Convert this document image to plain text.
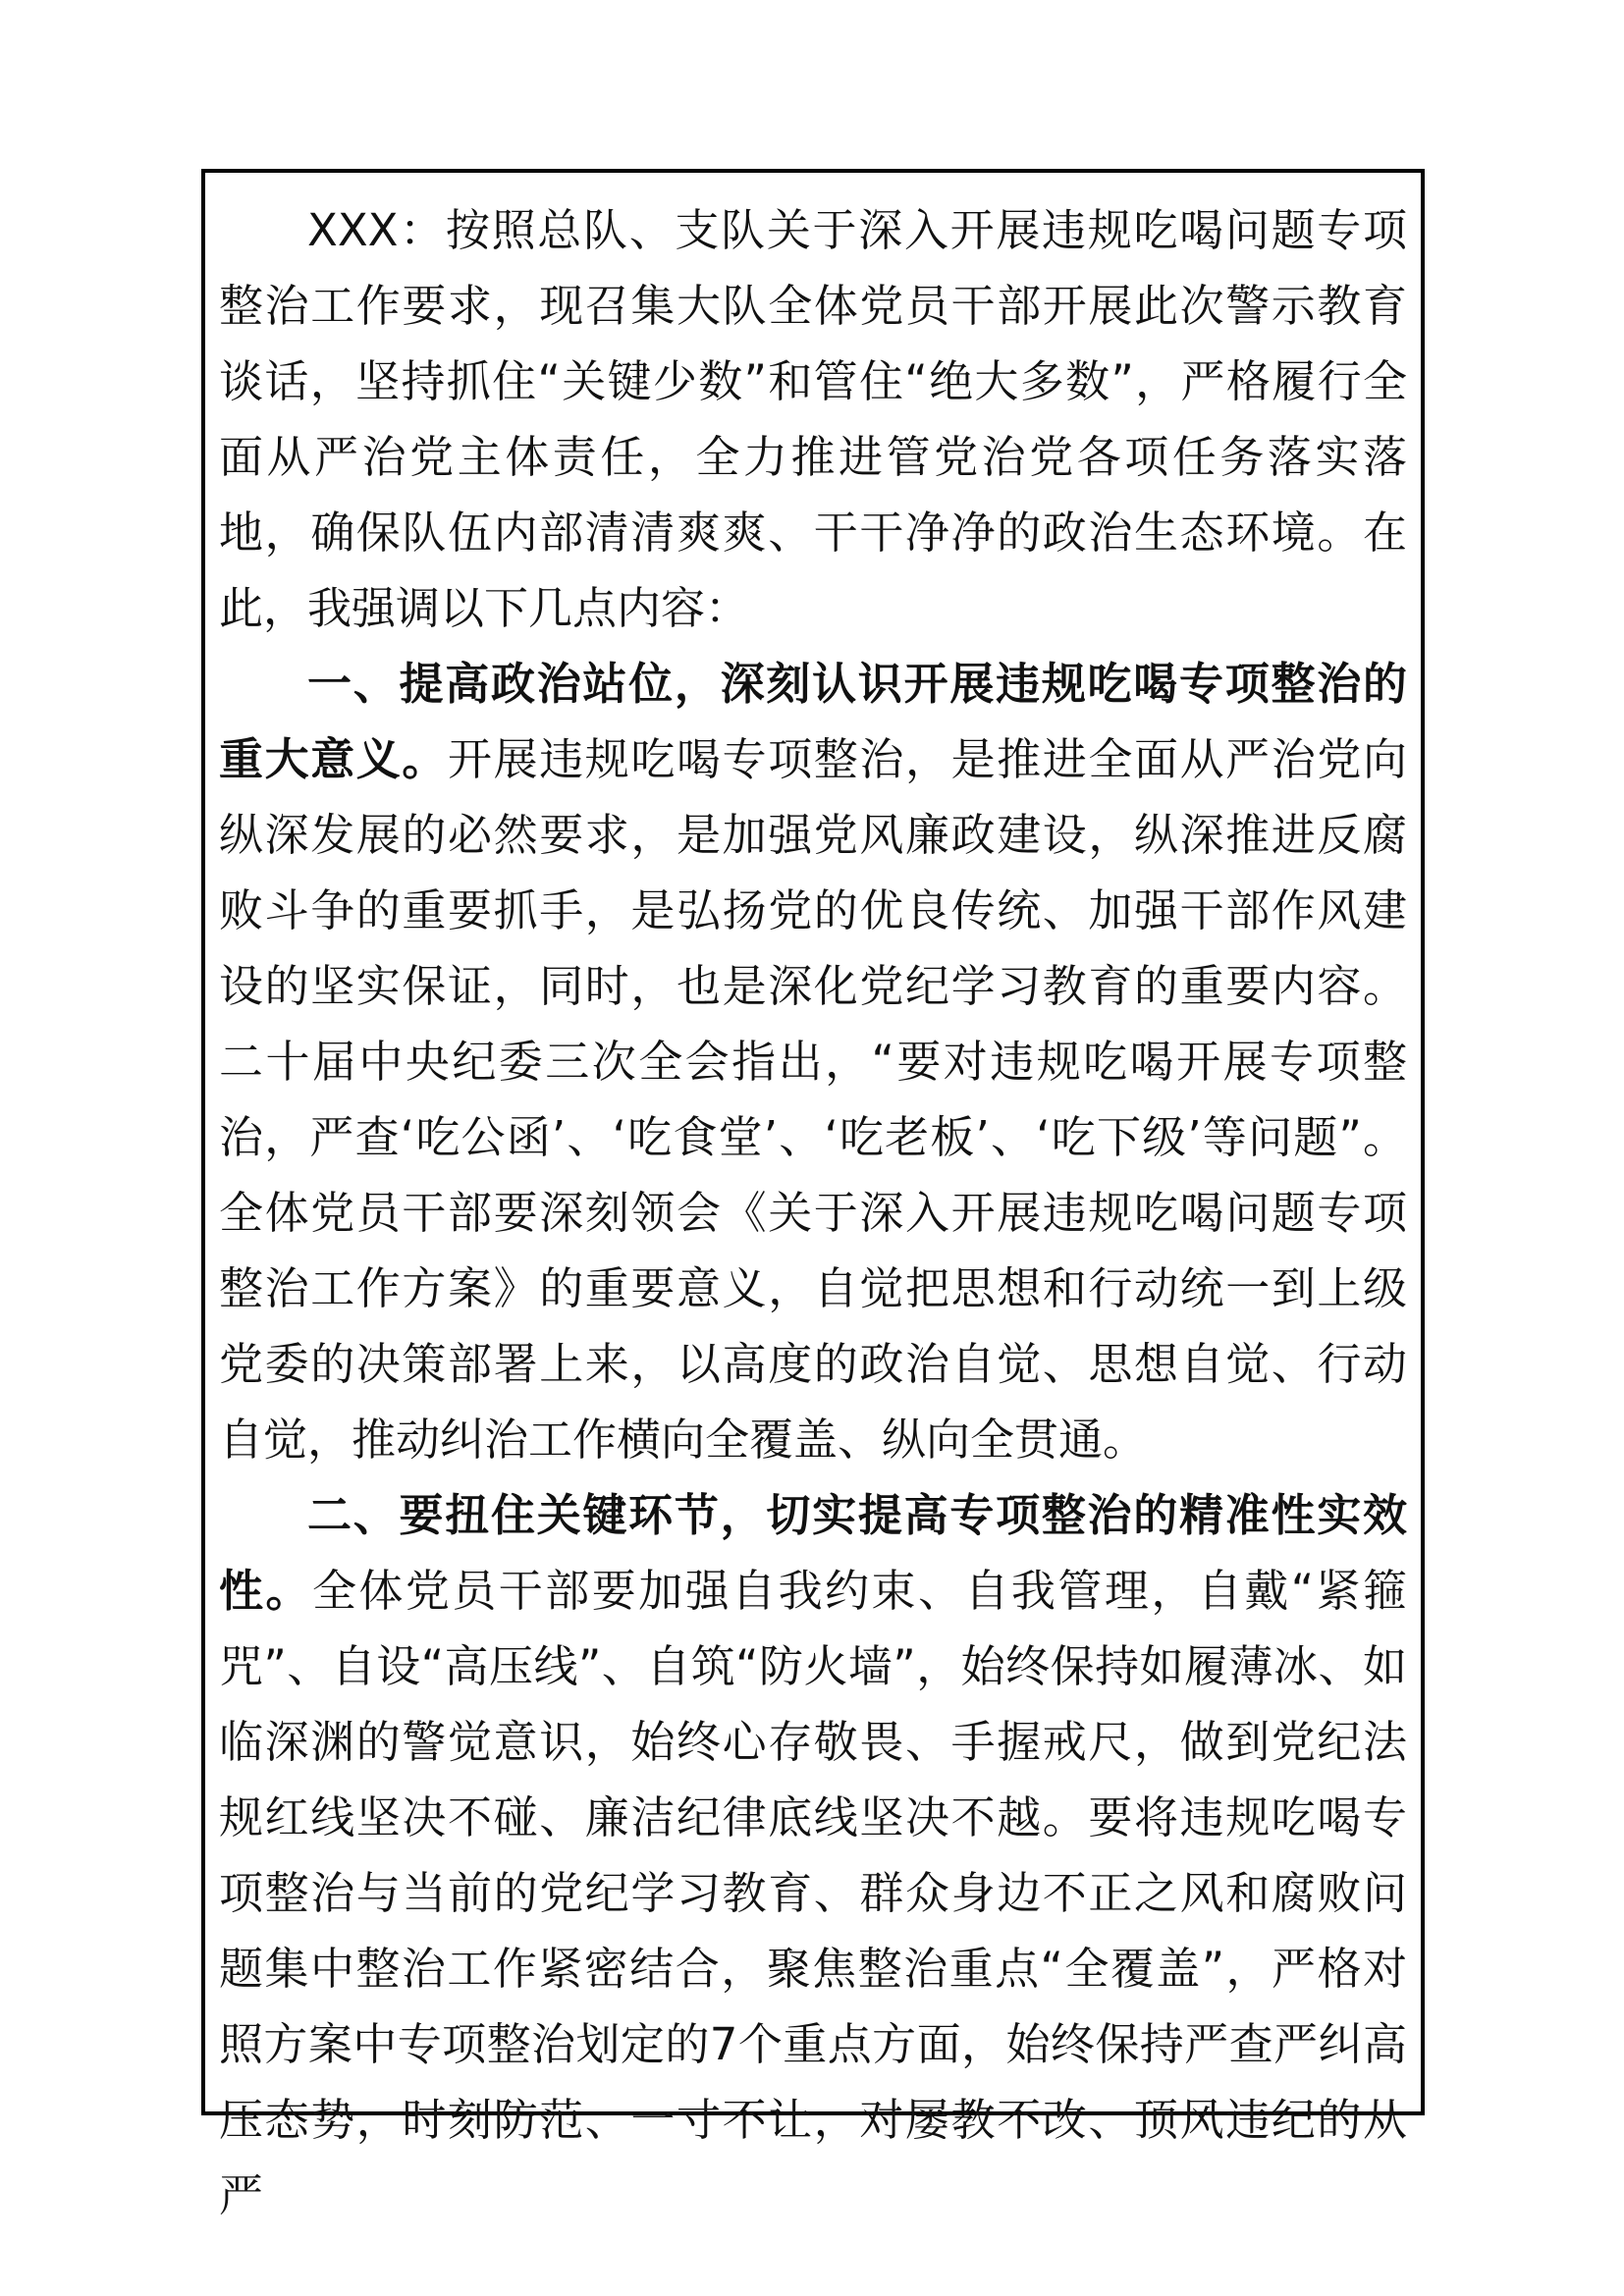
XXX：按照总队、支队关于深入开展违规吃喝问题专项整治工作要求，现召集大队全体党员干部开展此次警示教育谈话，坚持抓住“关键少数”和管住“绝大多数”，严格履行全面从严治党主体责任，全力推进管党治党各项任务落实落地，确保队伍内部清清爽爽、干干净净的政治生态环境。在此，我强调以下几点内容：

一、提高政治站位，深刻认识开展违规吃喝专项整治的重大意义。开展违规吃喝专项整治，是推进全面从严治党向纵深发展的必然要求，是加强党风廉政建设，纵深推进反腐败斗争的重要抓手，是弘扬党的优良传统、加强干部作风建设的坚实保证，同时，也是深化党纪学习教育的重要内容。二十届中央纪委三次全会指出，“要对违规吃喝开展专项整治，严查‘吃公函’、‘吃食堂’、‘吃老板’、‘吃下级’等问题”。全体党员干部要深刻领会《关于深入开展违规吃喝问题专项整治工作方案》的重要意义，自觉把思想和行动统一到上级党委的决策部署上来，以高度的政治自觉、思想自觉、行动自觉，推动纠治工作横向全覆盖、纵向全贯通。

二、要扭住关键环节，切实提高专项整治的精准性实效性。全体党员干部要加强自我约束、自我管理，自戴“紧箍咒”、自设“高压线”、自筑“防火墙”，始终保持如履薄冰、如临深渊的警觉意识，始终心存敬畏、手握戒尺，做到党纪法规红线坚决不碰、廉洁纪律底线坚决不越。要将违规吃喝专项整治与当前的党纪学习教育、群众身边不正之风和腐败问题集中整治工作紧密结合，聚焦整治重点“全覆盖”，严格对照方案中专项整治划定的7个重点方面，始终保持严查严纠高压态势，时刻防范、一寸不让，对屡教不改、顶风违纪的从严
